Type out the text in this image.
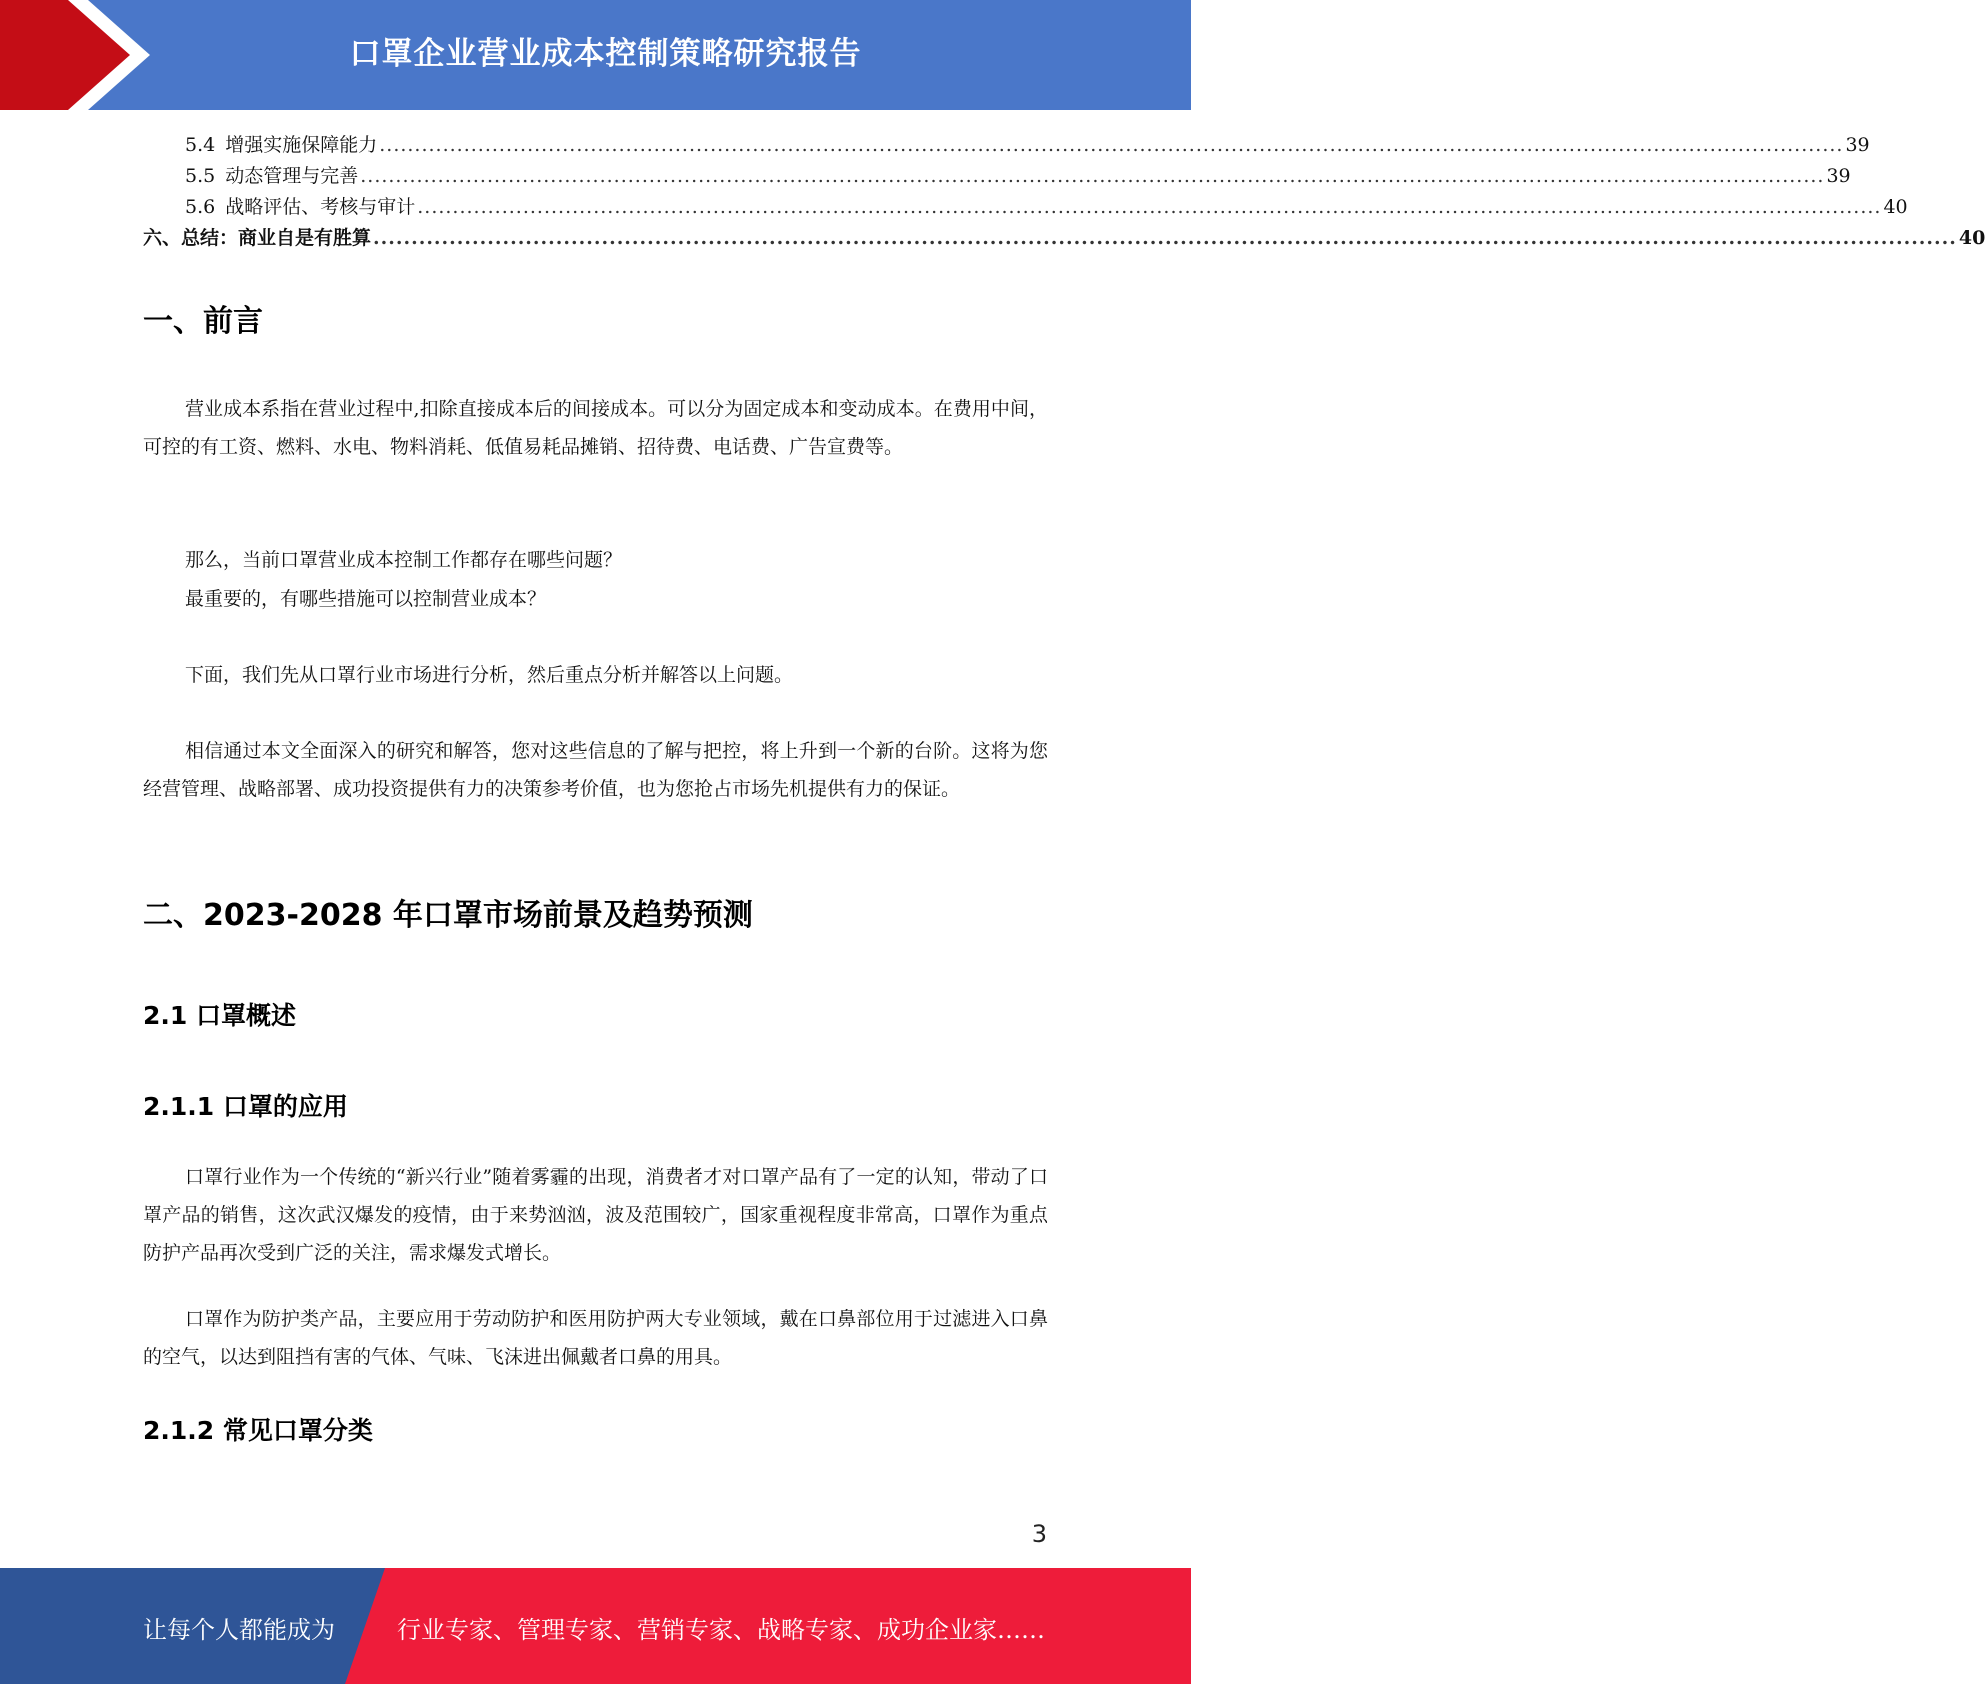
口罩企业营业成本控制策略研究报告
5.4 增强实施保障能力 ................................................................................................................................................................................................................ 39
5.5 动态管理与完善 ................................................................................................................................................................................................................ 39
5.6 战略评估、考核与审计 ................................................................................................................................................................................................................ 40
六、总结：商业自是有胜算 ................................................................................................................................................................................................................ 40
一、前言

营业成本系指在营业过程中,扣除直接成本后的间接成本。可以分为固定成本和变动成本。在费用中间，可控的有工资、燃料、水电、物料消耗、低值易耗品摊销、招待费、电话费、广告宣费等。

那么，当前口罩营业成本控制工作都存在哪些问题？

最重要的，有哪些措施可以控制营业成本？

下面，我们先从口罩行业市场进行分析，然后重点分析并解答以上问题。

相信通过本文全面深入的研究和解答，您对这些信息的了解与把控，将上升到一个新的台阶。这将为您经营管理、战略部署、成功投资提供有力的决策参考价值，也为您抢占市场先机提供有力的保证。

二、2023-2028 年口罩市场前景及趋势预测
2.1 口罩概述
2.1.1 口罩的应用

口罩行业作为一个传统的“新兴行业”随着雾霾的出现，消费者才对口罩产品有了一定的认知，带动了口罩产品的销售，这次武汉爆发的疫情，由于来势汹汹，波及范围较广，国家重视程度非常高，口罩作为重点防护产品再次受到广泛的关注，需求爆发式增长。

口罩作为防护类产品，主要应用于劳动防护和医用防护两大专业领域，戴在口鼻部位用于过滤进入口鼻的空气，以达到阻挡有害的气体、气味、飞沫进出佩戴者口鼻的用具。

2.1.2 常见口罩分类
3
让每个人都能成为	行业专家、管理专家、营销专家、战略专家、成功企业家……
